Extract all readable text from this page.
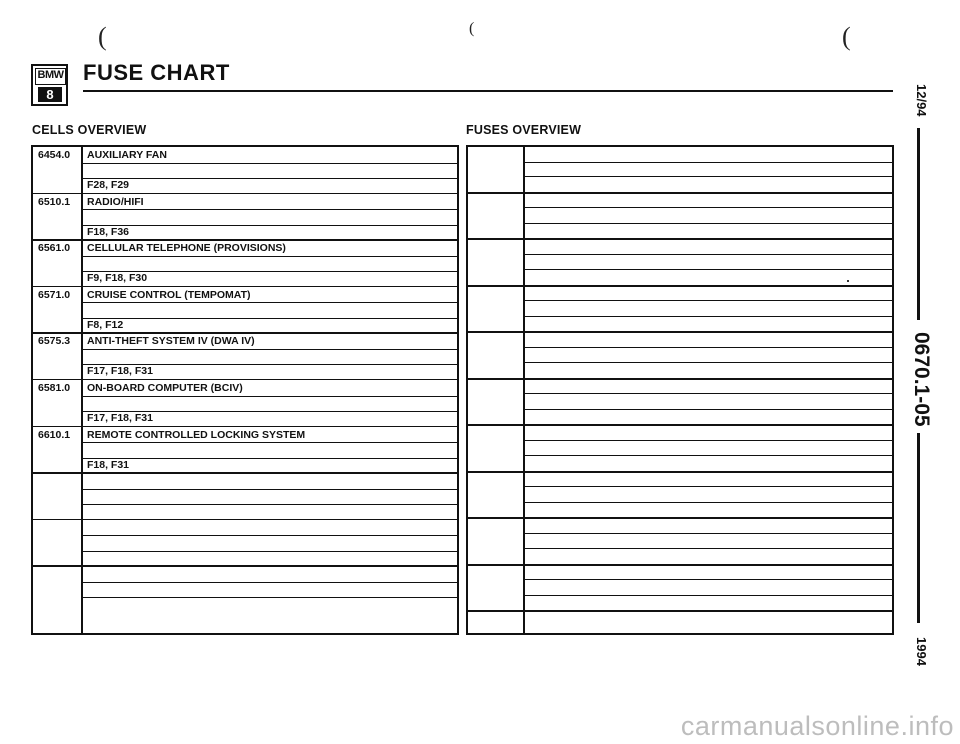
(	(	(
BMW
8
FUSE CHART
CELLS OVERVIEW	FUSES OVERVIEW
6454.0 AUXILIARY FAN
F28, F29
6510.1 RADIO/HIFI
F18, F36
6561.0 CELLULAR TELEPHONE (PROVISIONS)
F9, F18, F30
6571.0 CRUISE CONTROL (TEMPOMAT)
F8, F12
6575.3 ANTI-THEFT SYSTEM IV (DWA IV)
F17, F18, F31
6581.0 ON-BOARD COMPUTER (BCIV)
F17, F18, F31
6610.1 REMOTE CONTROLLED LOCKING SYSTEM
F18, F31
12/94
0670.1-05
1994
carmanualsonline.info
